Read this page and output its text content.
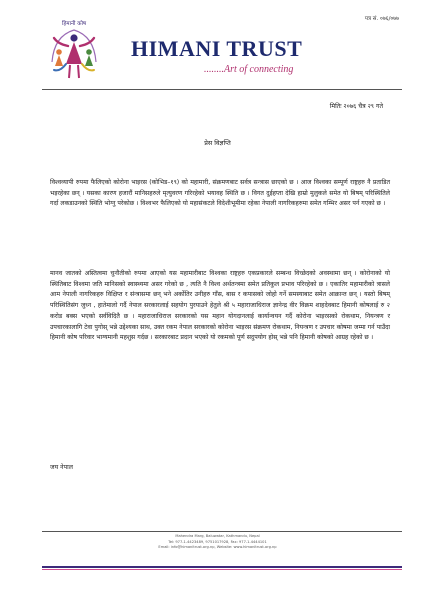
पत्र सं. ०७६/०७७
हिमानी कोष
HIMANI TRUST
........Art of connecting
मितिः २०७६ चैत्र २९ गते
प्रेस विज्ञप्ति

विश्वव्यापी रुपमा फैलिएको कोरोना भाइरस (कोभिड–१९) को महामारी, संक्रमणबाट सर्वत्र सन्त्रास छाएको छ । आज विश्वका सम्पूर्ण राष्ट्रहरु नै प्रताडित भइरहेका छन् । यसका कारण हजारौं मानिसहरुले मृत्युवरण गरिरहेको भयावह स्थिति छ । विगत दुईहप्ता देखि हाम्रो मुलुकले समेत यो बिषम् परिस्थितिले गर्दा लकडाउनको स्थिति भोग्नु परेकोछ । विश्वभर फैलिएको यो महासंकटले विदेशीभूमीमा रहेका नेपाली नागरिकहरुमा समेत गम्भिर असर पर्न गएको छ ।

मानव जातको अस्तित्वमा चुनौतीको रुपमा आएको यस महामारीबाट विश्वका राष्ट्रहरु एकप्रकारले सम्बन्ध विच्छेदको अवस्थामा छन् । कोरोनाको यो स्थितिबाट विश्वमा जति मानिसको स्वास्थ्यमा असर गरेको छ , त्यति नै विश्व अर्थतन्त्रमा समेत प्रतिकुल प्रभाव परिरहेको छ । एकातिर महामारीको त्रासले आम नेपाली नागरिकहरु विक्षिप्त र संन्त्रासमा छन् भने अर्कोतिर उनीहरु गाँस, बास र कपासको जोहो गर्ने समस्याबाट समेत आक्रान्त छन् । यस्तो बिषम् परिस्थितिसंग जुध्न , हातेमालो गर्दै नेपाल सरकारलाई सहयोग पुरयाउने हेतुले श्री ५ महाराजाधिराज ज्ञानेन्द्र वीर विक्रम शाहदेवबाट हिमानी कोषलाई रु २ करोड बक्स भएको सर्वविदितै छ । महाराजाधिराज सरकारको यस महान योगदानलाई कार्यान्वयन गर्दै कोरोना भाइरसको रोकथाम, नियन्त्रण र उपचारकालागि टेवा पुगोस् भन्ने उद्देश्यका साथ, उक्त रकम नेपाल सरकारको कोरोना भाइरस संक्रमण रोकथाम, नियन्त्रण र उपचार कोषमा जम्मा गर्न पाउँदा हिमानी कोष परिवार भाग्यमानी महशुस गर्दछ । सरकारबाट प्रदान भएको यो रकमको पूर्ण सदुपयोग होस् भन्ने पनि हिमानी कोषको आग्रह रहेको छ ।

जय नेपाल
Mahendra Marg, Baluwatar, Kathmandu, Nepal
Tel: 977-1-4423489, 9751017928, Fax: 977-1-4444101
Email: info@himanitrust.org.np, Website: www.himanitrust.org.np
